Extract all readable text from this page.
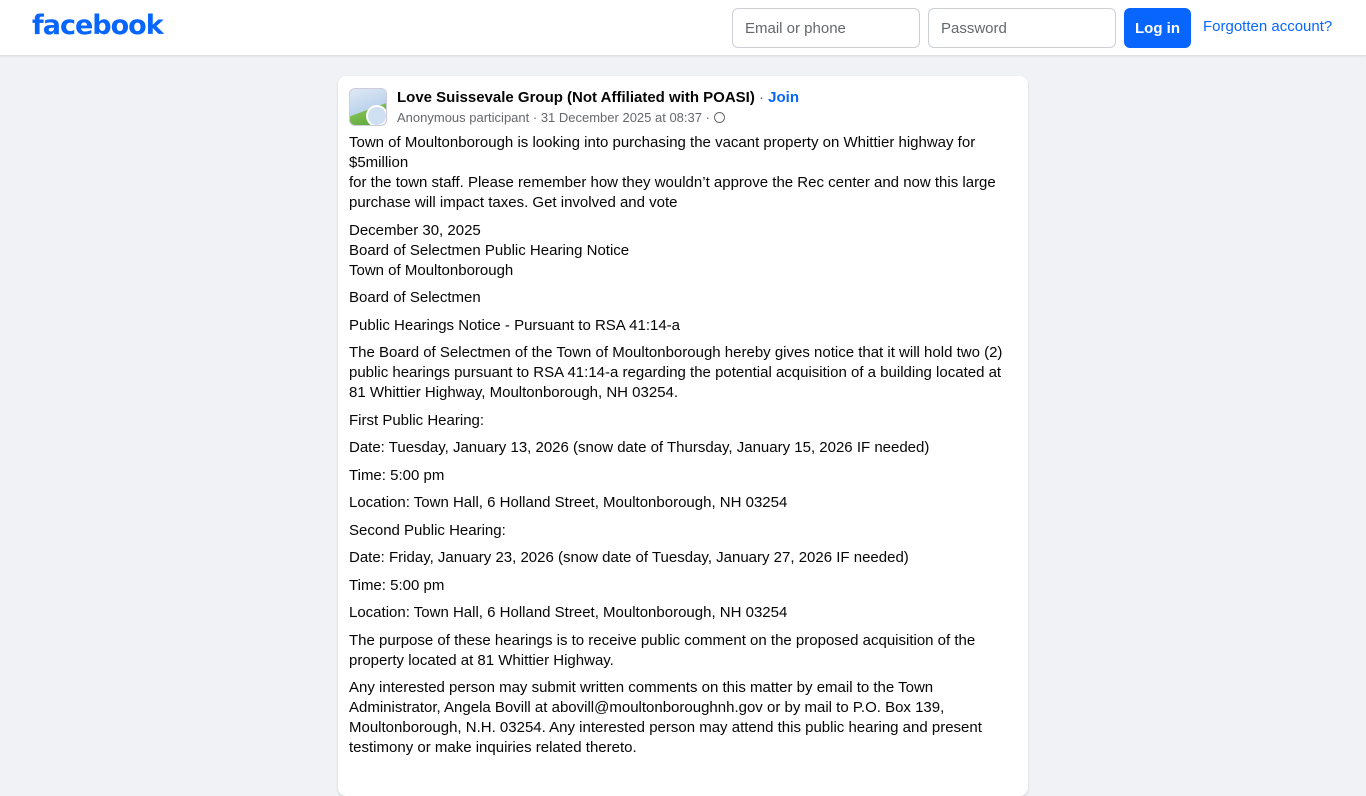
facebook
Email or phone	Log in	Forgotten account?
Love Suissevale Group (Not Affiliated with POASI) · Join
Anonymous participant · 31 December 2025 at 08:37 ·

Town of Moultonborough is looking into purchasing the vacant property on Whittier highway for $5million
for the town staff. Please remember how they wouldn’t approve the Rec center and now this large purchase will impact taxes. Get involved and vote

December 30, 2025
Board of Selectmen Public Hearing Notice
Town of Moultonborough

Board of Selectmen

Public Hearings Notice - Pursuant to RSA 41:14-a

The Board of Selectmen of the Town of Moultonborough hereby gives notice that it will hold two (2) public hearings pursuant to RSA 41:14-a regarding the potential acquisition of a building located at 81 Whittier Highway, Moultonborough, NH 03254.

First Public Hearing:

Date: Tuesday, January 13, 2026 (snow date of Thursday, January 15, 2026 IF needed)

Time: 5:00 pm

Location: Town Hall, 6 Holland Street, Moultonborough, NH 03254

Second Public Hearing:

Date: Friday, January 23, 2026 (snow date of Tuesday, January 27, 2026 IF needed)

Time: 5:00 pm

Location: Town Hall, 6 Holland Street, Moultonborough, NH 03254

The purpose of these hearings is to receive public comment on the proposed acquisition of the property located at 81 Whittier Highway.

Any interested person may submit written comments on this matter by email to the Town Administrator, Angela Bovill at abovill@moultonboroughnh.gov or by mail to P.O. Box 139, Moultonborough, N.H. 03254. Any interested person may attend this public hearing and present testimony or make inquiries related thereto.
